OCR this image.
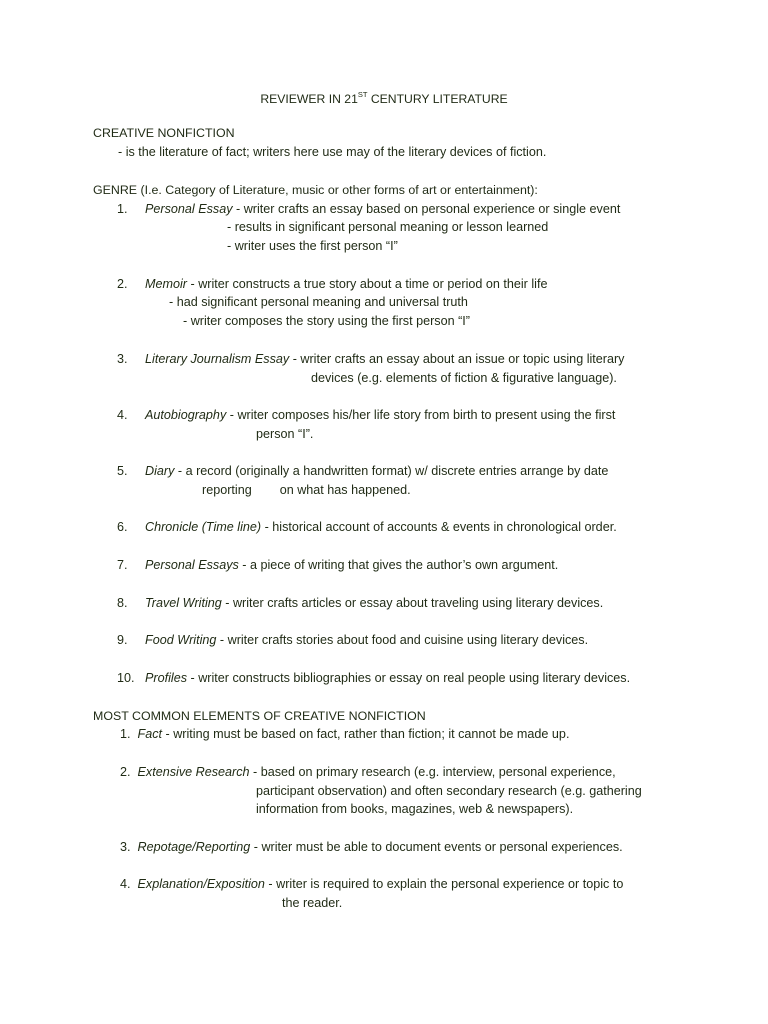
REVIEWER IN 21ST CENTURY LITERATURE
CREATIVE NONFICTION
- is the literature of fact; writers here use may of the literary devices of fiction.
GENRE (I.e. Category of Literature, music or other forms of art or entertainment):
1. Personal Essay - writer crafts an essay based on personal experience or single event
- results in significant personal meaning or lesson learned
- writer uses the first person “I”
2. Memoir - writer constructs a true story about a time or period on their life
- had significant personal meaning and universal truth
- writer composes the story using the first person “I”
3. Literary Journalism Essay - writer crafts an essay about an issue or topic using literary
devices (e.g. elements of fiction & figurative language).
4. Autobiography - writer composes his/her life story from birth to present using the first
person “I”.
5. Diary - a record (originally a handwritten format) w/ discrete entries arrange by date
reporting        on what has happened.
6. Chronicle (Time line) - historical account of accounts & events in chronological order.
7. Personal Essays - a piece of writing that gives the author’s own argument.
8. Travel Writing - writer crafts articles or essay about traveling using literary devices.
9. Food Writing - writer crafts stories about food and cuisine using literary devices.
10. Profiles - writer constructs bibliographies or essay on real people using literary devices.
MOST COMMON ELEMENTS OF CREATIVE NONFICTION
1. Fact - writing must be based on fact, rather than fiction; it cannot be made up.
2. Extensive Research - based on primary research (e.g. interview, personal experience,
participant observation) and often secondary research (e.g. gathering
information from books, magazines, web & newspapers).
3. Repotage/Reporting - writer must be able to document events or personal experiences.
4. Explanation/Exposition - writer is required to explain the personal experience or topic to
the reader.
